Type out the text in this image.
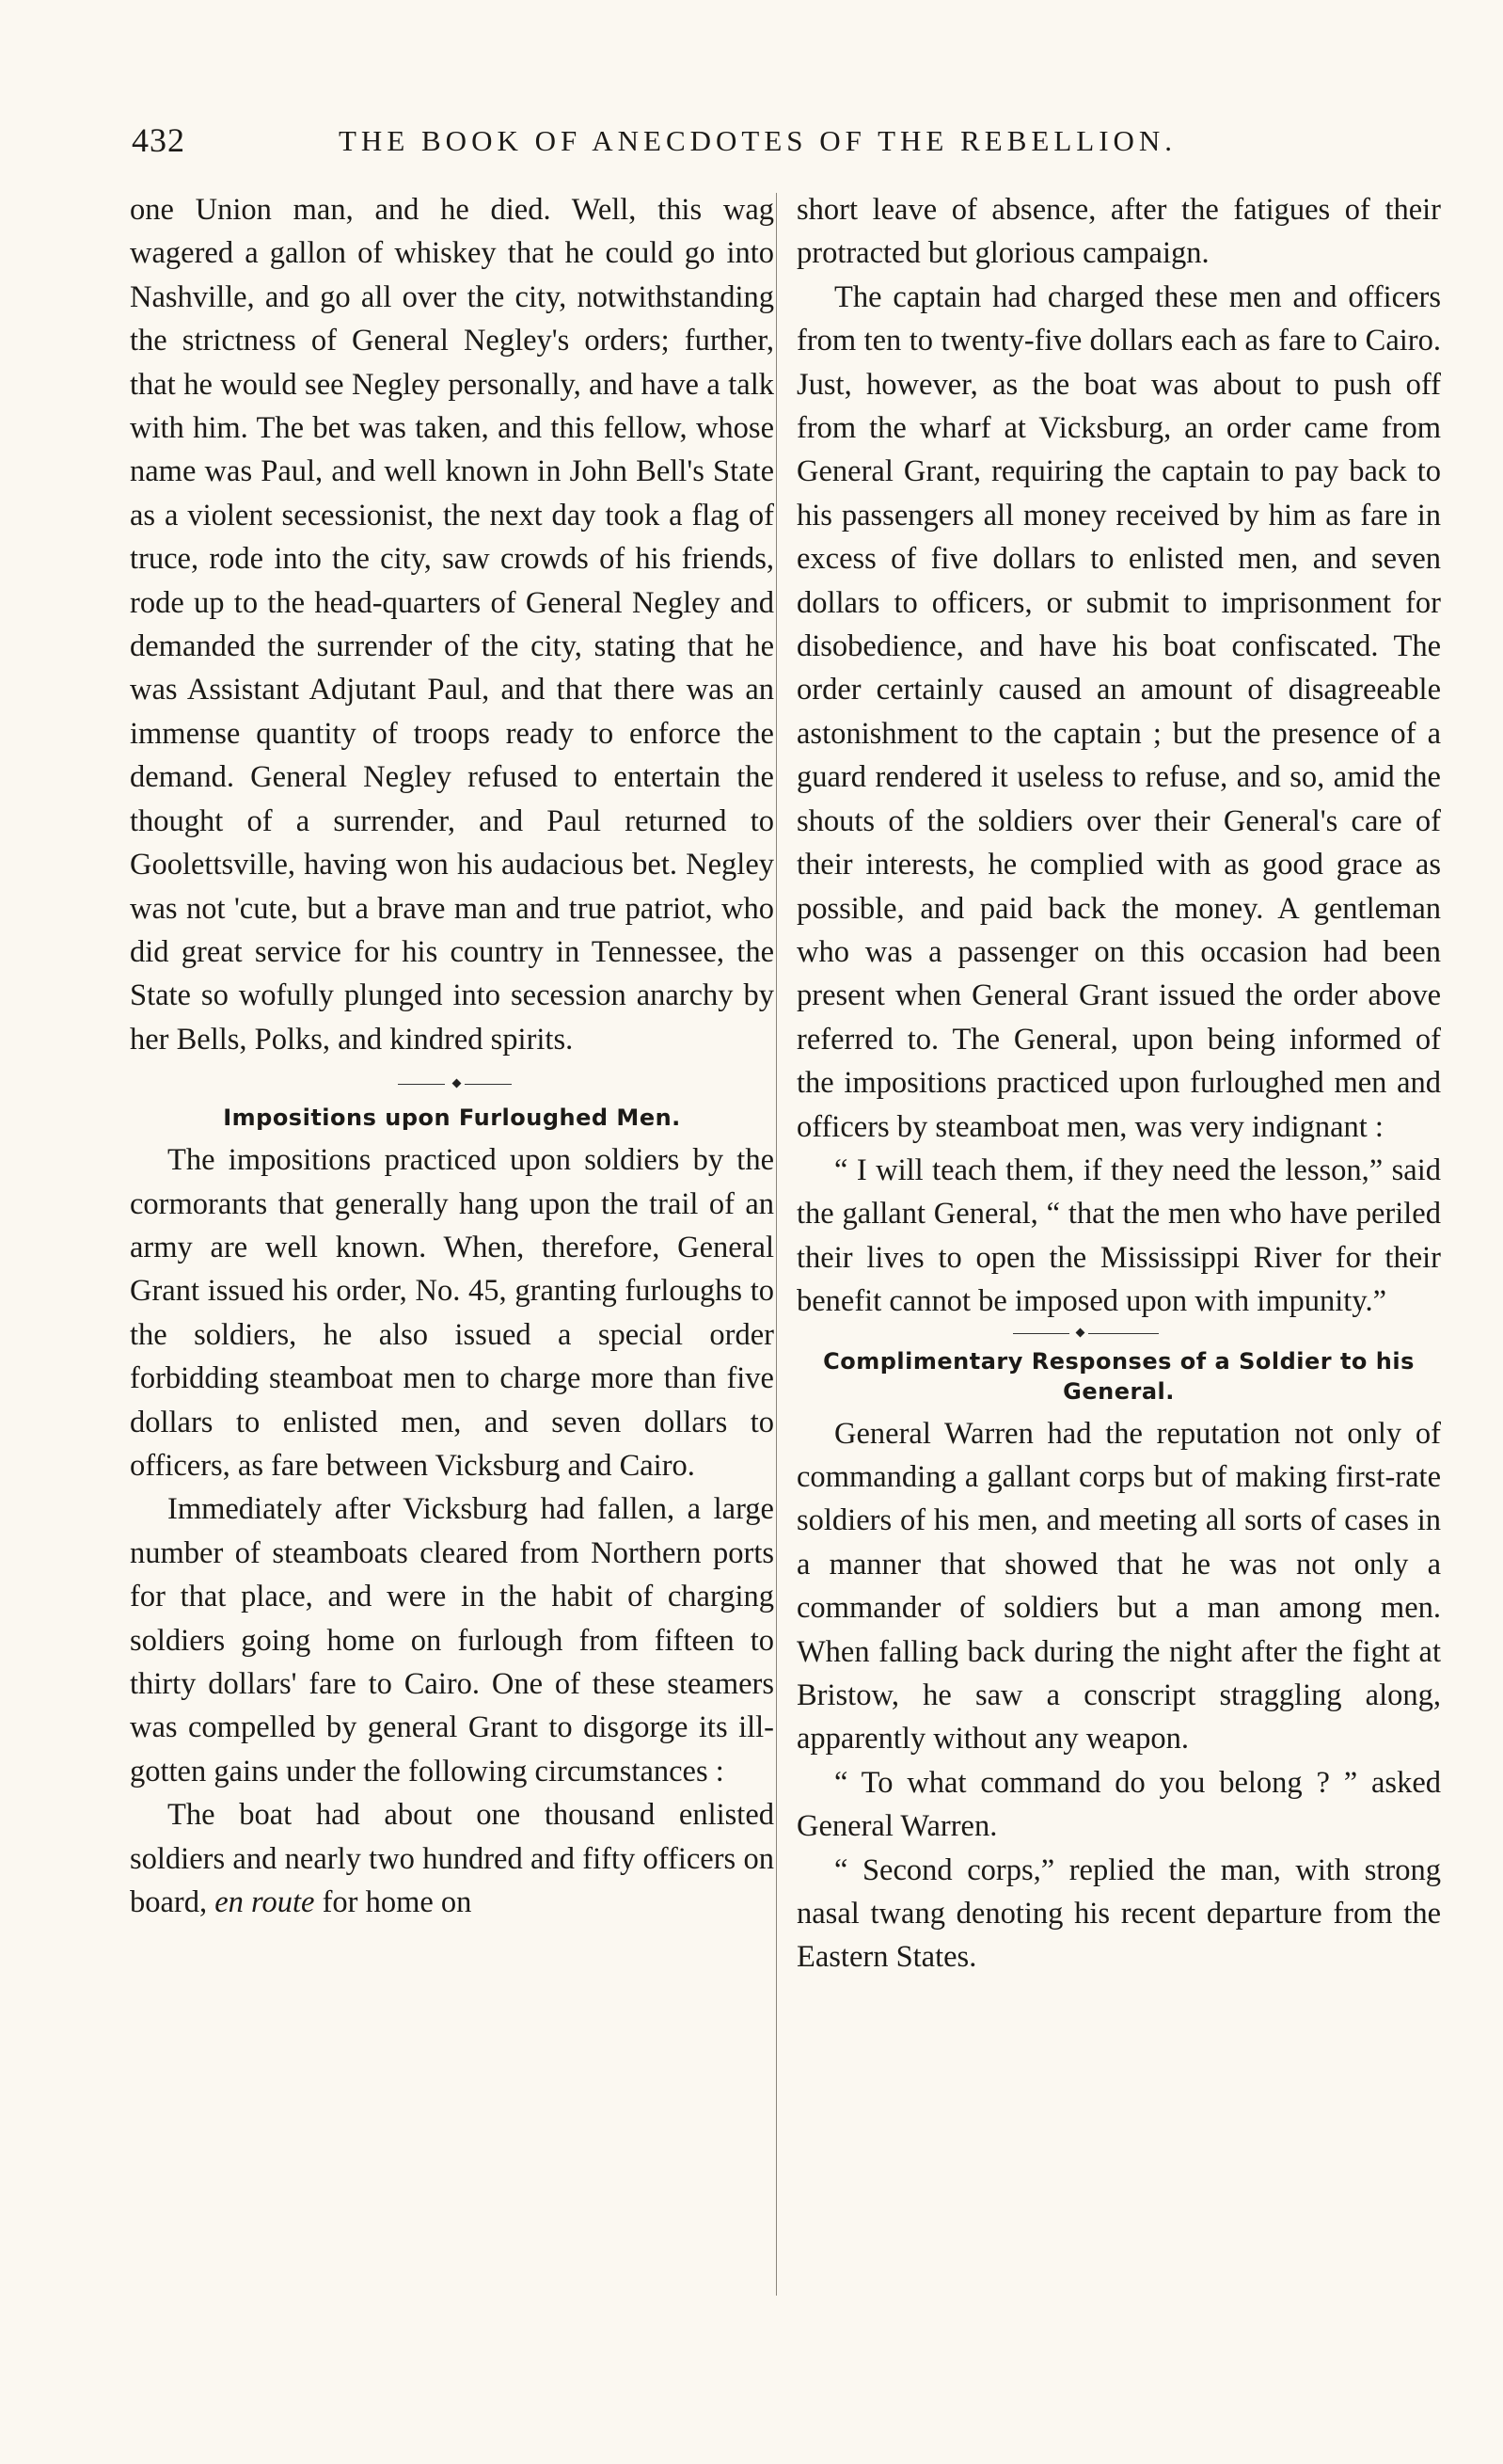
432	THE BOOK OF ANECDOTES OF THE REBELLION.

one Union man, and he died. Well, this wag wagered a gallon of whiskey that he could go into Nashville, and go all over the city, notwithstanding the strictness of General Negley's orders; further, that he would see Negley personally, and have a talk with him. The bet was taken, and this fellow, whose name was Paul, and well known in John Bell's State as a violent secessionist, the next day took a flag of truce, rode into the city, saw crowds of his friends, rode up to the head-quarters of General Negley and demanded the surrender of the city, stating that he was Assistant Adjutant Paul, and that there was an immense quantity of troops ready to enforce the demand. General Negley refused to entertain the thought of a surrender, and Paul returned to Goolettsville, having won his audacious bet. Negley was not 'cute, but a brave man and true patriot, who did great service for his country in Tennessee, the State so wofully plunged into secession anarchy by her Bells, Polks, and kindred spirits.

Impositions upon Furloughed Men.

The impositions practiced upon soldiers by the cormorants that generally hang upon the trail of an army are well known. When, therefore, General Grant issued his order, No. 45, granting furloughs to the soldiers, he also issued a special order forbidding steamboat men to charge more than five dollars to enlisted men, and seven dollars to officers, as fare between Vicksburg and Cairo.

Immediately after Vicksburg had fallen, a large number of steamboats cleared from Northern ports for that place, and were in the habit of charging soldiers going home on furlough from fifteen to thirty dollars' fare to Cairo. One of these steamers was compelled by general Grant to disgorge its ill-gotten gains under the following circumstances :

The boat had about one thousand enlisted soldiers and nearly two hundred and fifty officers on board, en route for home on

short leave of absence, after the fatigues of their protracted but glorious campaign.

The captain had charged these men and officers from ten to twenty-five dollars each as fare to Cairo. Just, however, as the boat was about to push off from the wharf at Vicksburg, an order came from General Grant, requiring the captain to pay back to his passengers all money received by him as fare in excess of five dollars to enlisted men, and seven dollars to officers, or submit to imprisonment for disobedience, and have his boat confiscated. The order certainly caused an amount of disagreeable astonishment to the captain ; but the presence of a guard rendered it useless to refuse, and so, amid the shouts of the soldiers over their General's care of their interests, he complied with as good grace as possible, and paid back the money. A gentleman who was a passenger on this occasion had been present when General Grant issued the order above referred to. The General, upon being informed of the impositions practiced upon furloughed men and officers by steamboat men, was very indignant :

“ I will teach them, if they need the lesson,” said the gallant General, “ that the men who have periled their lives to open the Mississippi River for their benefit cannot be imposed upon with impunity.”

Complimentary Responses of a Soldier to his General.

General Warren had the reputation not only of commanding a gallant corps but of making first-rate soldiers of his men, and meeting all sorts of cases in a manner that showed that he was not only a commander of soldiers but a man among men. When falling back during the night after the fight at Bristow, he saw a conscript straggling along, apparently without any weapon.

“ To what command do you belong ? ” asked General Warren.

“ Second corps,” replied the man, with strong nasal twang denoting his recent departure from the Eastern States.
